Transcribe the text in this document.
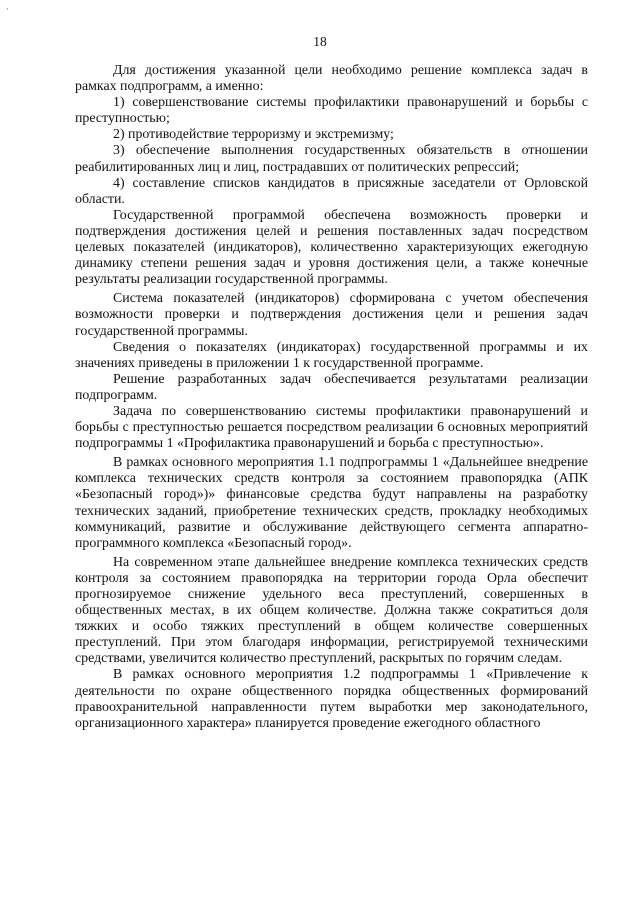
·
18

Для достижения указанной цели необходимо решение комплекса задач в рамках подпрограмм, а именно:

1) совершенствование системы профилактики правонарушений и борьбы с преступностью;

2) противодействие терроризму и экстремизму;

3) обеспечение выполнения государственных обязательств в отношении реабилитированных лиц и лиц, пострадавших от политических репрессий;

4) составление списков кандидатов в присяжные заседатели от Орловской области.

Государственной программой обеспечена возможность проверки и подтверждения достижения целей и решения поставленных задач посредством целевых показателей (индикаторов), количественно характеризующих ежегодную динамику степени решения задач и уровня достижения цели, а также конечные результаты реализации государственной программы.

Система показателей (индикаторов) сформирована с учетом обеспечения возможности проверки и подтверждения достижения цели и решения задач государственной программы.

Сведения о показателях (индикаторах) государственной программы и их значениях приведены в приложении 1 к государственной программе.

Решение разработанных задач обеспечивается результатами реализации подпрограмм.

Задача по совершенствованию системы профилактики правонарушений и борьбы с преступностью решается посредством реализации 6 основных мероприятий подпрограммы 1 «Профилактика правонарушений и борьба с преступностью».

В рамках основного мероприятия 1.1 подпрограммы 1 «Дальнейшее внедрение комплекса технических средств контроля за состоянием правопорядка (АПК «Безопасный город»)» финансовые средства будут направлены на разработку технических заданий, приобретение технических средств, прокладку необходимых коммуникаций, развитие и обслуживание действующего сегмента аппаратно-программного комплекса «Безопасный город».

На современном этапе дальнейшее внедрение комплекса технических средств контроля за состоянием правопорядка на территории города Орла обеспечит прогнозируемое снижение удельного веса преступлений, совершенных в общественных местах, в их общем количестве. Должна также сократиться доля тяжких и особо тяжких преступлений в общем количестве совершенных преступлений. При этом благодаря информации, регистрируемой техническими средствами, увеличится количество преступлений, раскрытых по горячим следам.

В рамках основного мероприятия 1.2 подпрограммы 1 «Привлечение к деятельности по охране общественного порядка общественных формирований правоохранительной направленности путем выработки мер законодательного, организационного характера» планируется проведение ежегодного областного
